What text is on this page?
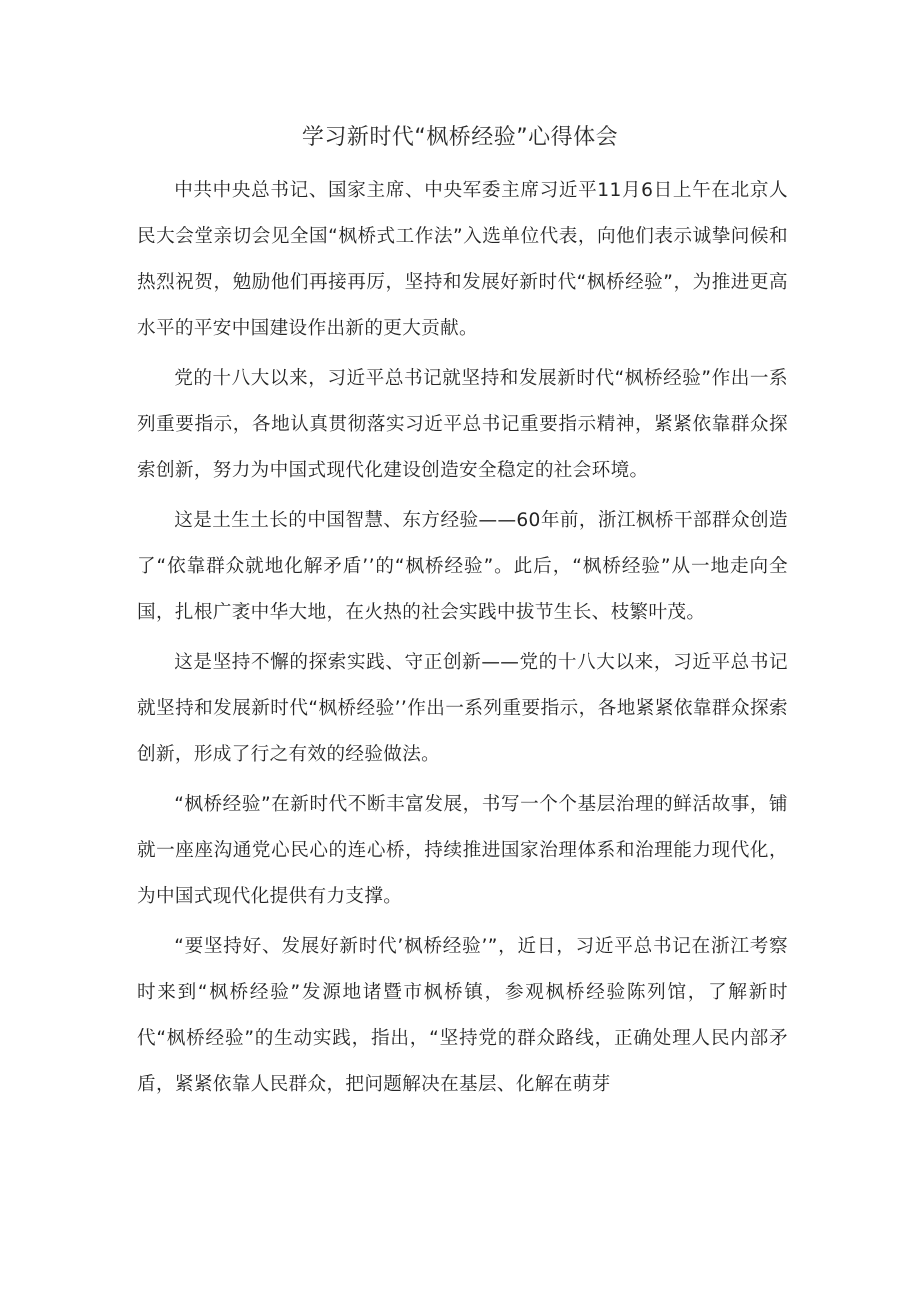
学习新时代“枫桥经验”心得体会

中共中央总书记、国家主席、中央军委主席习近平11月6日上午在北京人民大会堂亲切会见全国“枫桥式工作法”入选单位代表，向他们表示诚挚问候和热烈祝贺，勉励他们再接再厉，坚持和发展好新时代“枫桥经验”，为推进更高水平的平安中国建设作出新的更大贡献。

党的十八大以来，习近平总书记就坚持和发展新时代“枫桥经验”作出一系列重要指示，各地认真贯彻落实习近平总书记重要指示精神，紧紧依靠群众探索创新，努力为中国式现代化建设创造安全稳定的社会环境。

这是土生土长的中国智慧、东方经验——60年前，浙江枫桥干部群众创造了“依靠群众就地化解矛盾’’的“枫桥经验”。此后，“枫桥经验”从一地走向全国，扎根广袤中华大地，在火热的社会实践中拔节生长、枝繁叶茂。

这是坚持不懈的探索实践、守正创新——党的十八大以来，习近平总书记就坚持和发展新时代“枫桥经验’’作出一系列重要指示，各地紧紧依靠群众探索创新，形成了行之有效的经验做法。

“枫桥经验”在新时代不断丰富发展，书写一个个基层治理的鲜活故事，铺就一座座沟通党心民心的连心桥，持续推进国家治理体系和治理能力现代化，为中国式现代化提供有力支撑。

“要坚持好、发展好新时代’枫桥经验’”，近日，习近平总书记在浙江考察时来到“枫桥经验”发源地诸暨市枫桥镇，参观枫桥经验陈列馆，了解新时代“枫桥经验”的生动实践，指出，“坚持党的群众路线，正确处理人民内部矛盾，紧紧依靠人民群众，把问题解决在基层、化解在萌芽
